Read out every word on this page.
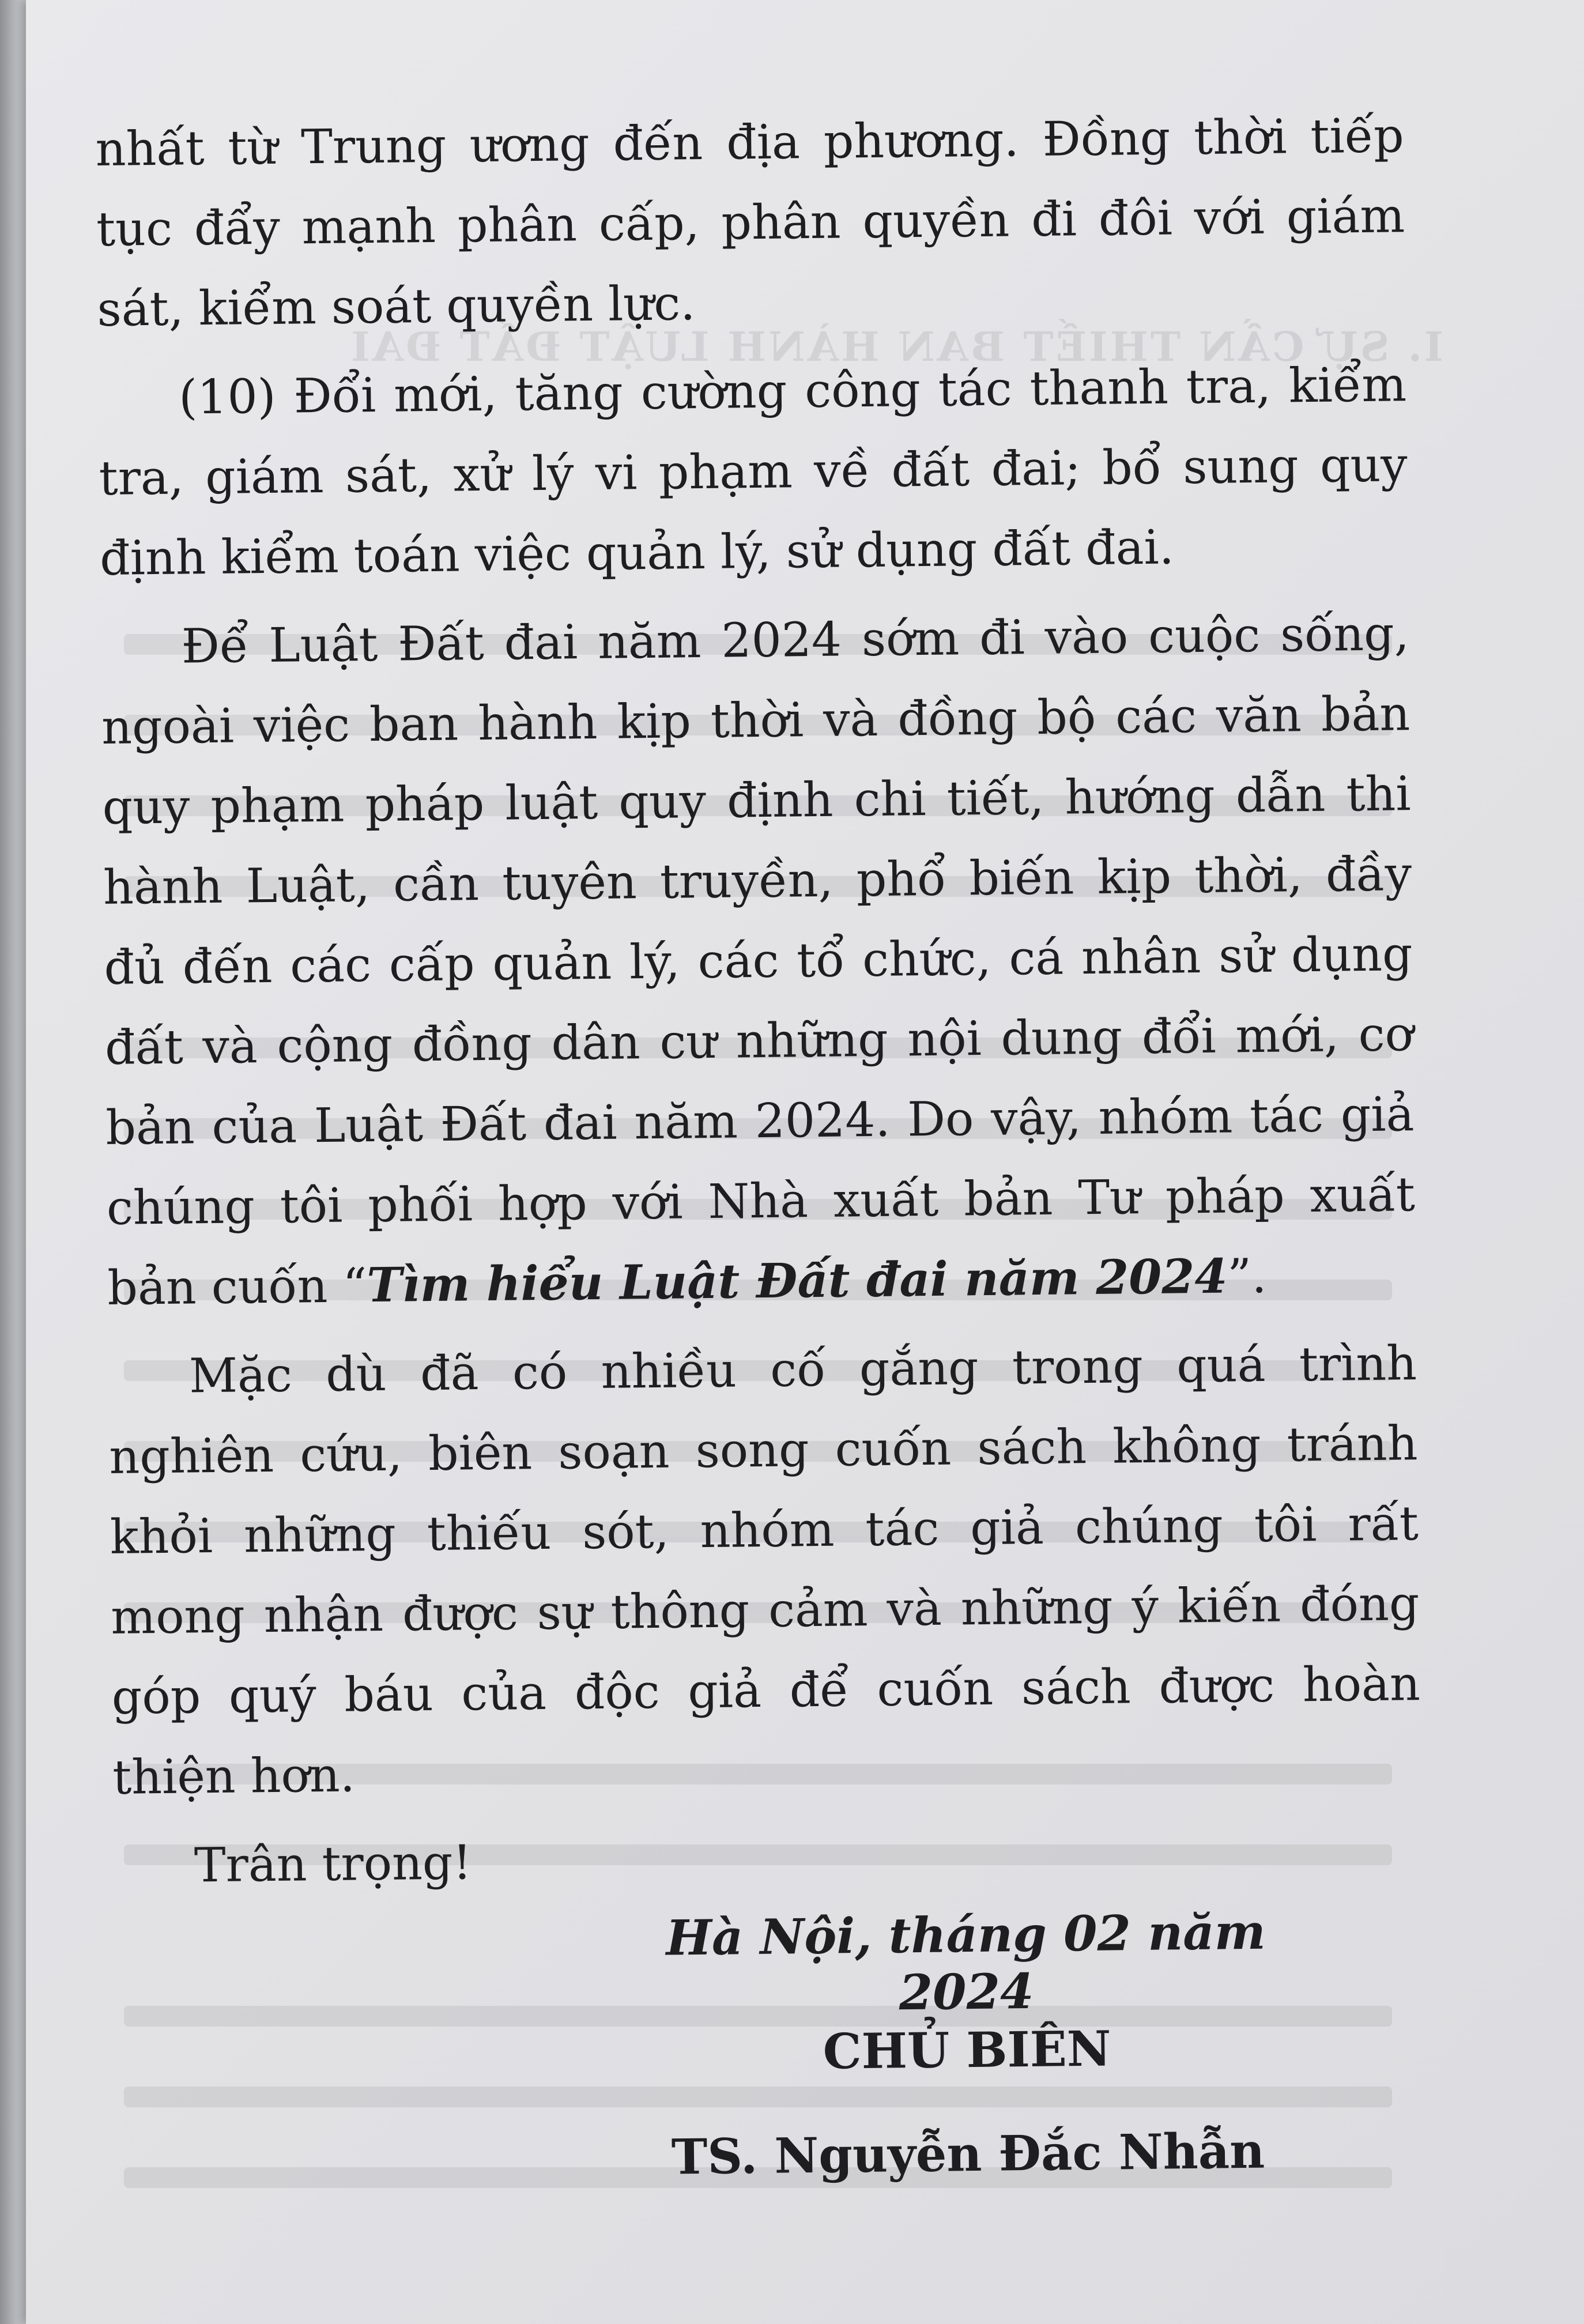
I. SỰ CẦN THIẾT BAN HÀNH LUẬT ĐẤT ĐAI

nhất từ Trung ương đến địa phương. Đồng thời tiếp tục đẩy mạnh phân cấp, phân quyền đi đôi với giám sát, kiểm soát quyền lực.

(10) Đổi mới, tăng cường công tác thanh tra, kiểm tra, giám sát, xử lý vi phạm về đất đai; bổ sung quy định kiểm toán việc quản lý, sử dụng đất đai.

Để Luật Đất đai năm 2024 sớm đi vào cuộc sống, ngoài việc ban hành kịp thời và đồng bộ các văn bản quy phạm pháp luật quy định chi tiết, hướng dẫn thi hành Luật, cần tuyên truyền, phổ biến kịp thời, đầy đủ đến các cấp quản lý, các tổ chức, cá nhân sử dụng đất và cộng đồng dân cư những nội dung đổi mới, cơ bản của Luật Đất đai năm 2024. Do vậy, nhóm tác giả chúng tôi phối hợp với Nhà xuất bản Tư pháp xuất bản cuốn “Tìm hiểu Luật Đất đai năm 2024”.

Mặc dù đã có nhiều cố gắng trong quá trình nghiên cứu, biên soạn song cuốn sách không tránh khỏi những thiếu sót, nhóm tác giả chúng tôi rất mong nhận được sự thông cảm và những ý kiến đóng góp quý báu của độc giả để cuốn sách được hoàn thiện hơn.

Trân trọng!

Hà Nội, tháng 02 năm 2024
CHỦ BIÊN
TS. Nguyễn Đắc Nhẫn
